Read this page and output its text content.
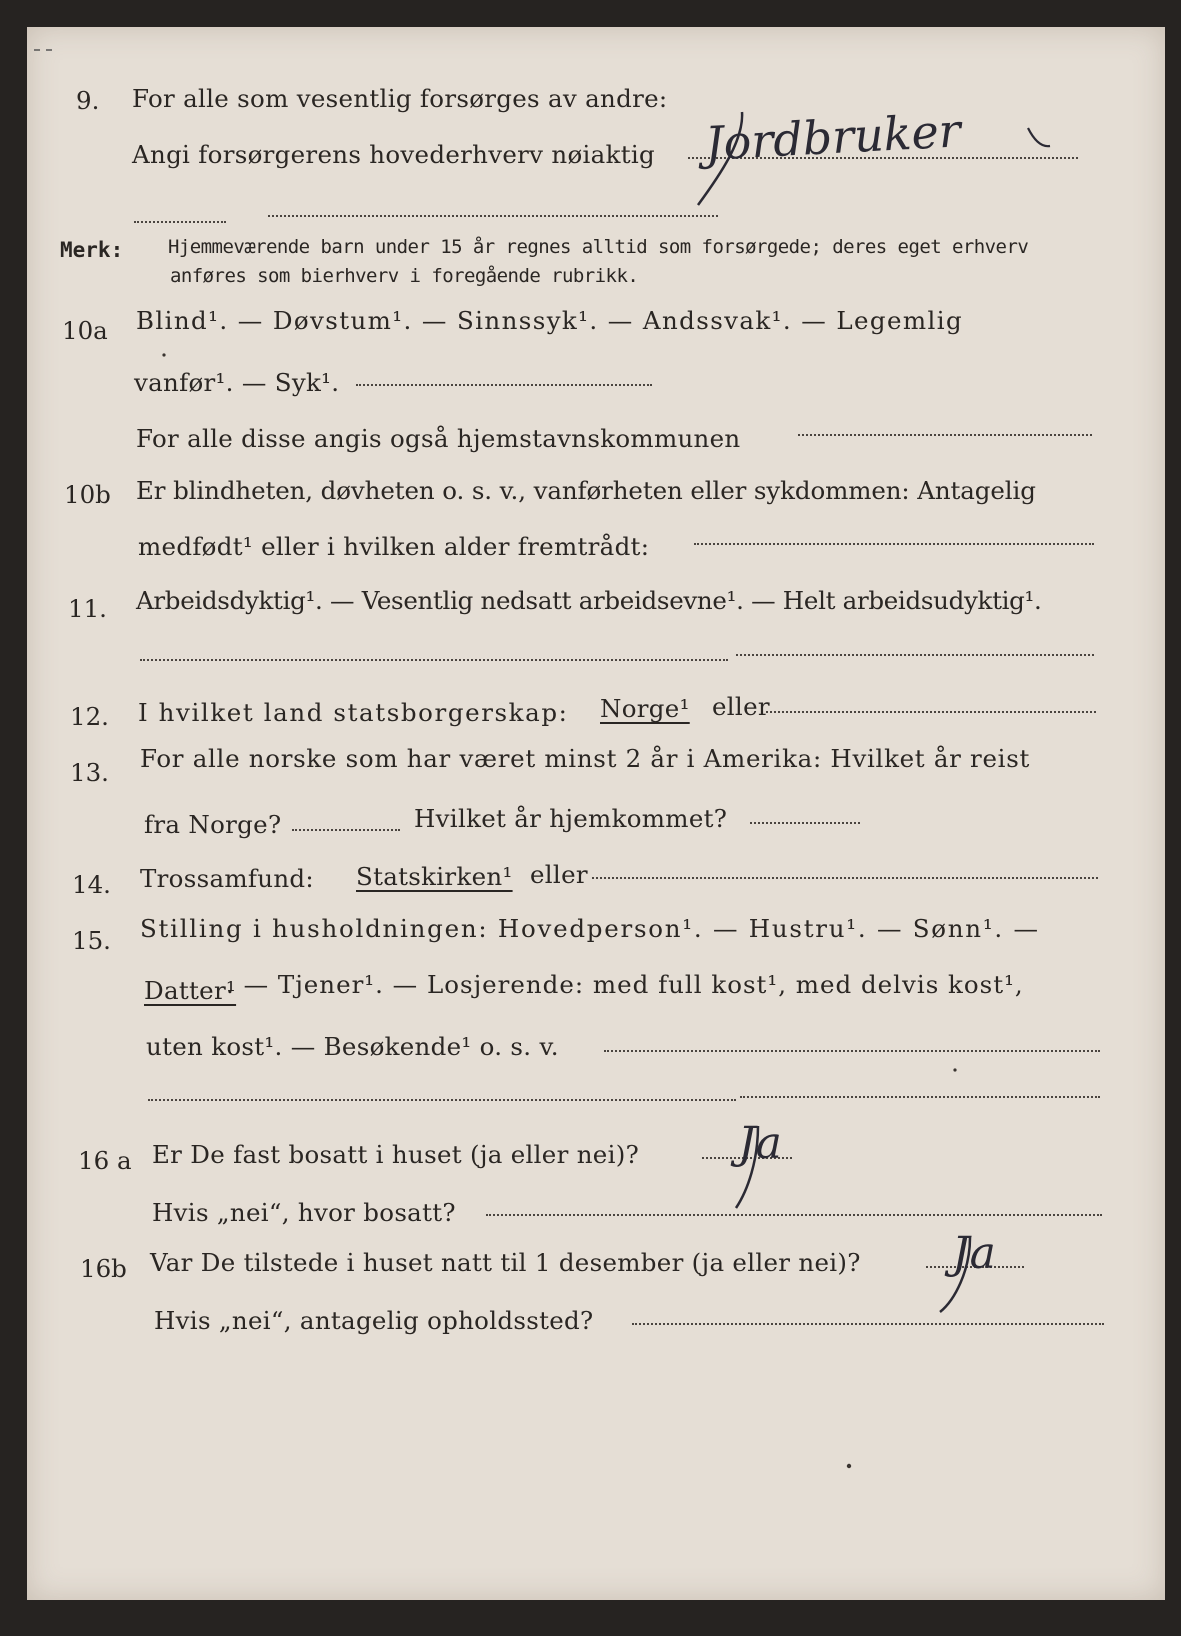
9. For alle som vesentlig forsørges av andre:
Angi forsørgerens hovederhverv nøiaktig Jordbruker
Merk: Hjemmeværende barn under 15 år regnes alltid som forsørgede; deres eget erhverv
anføres som bierhverv i foregående rubrikk.
10a Blind¹. — Døvstum¹. — Sinnssyk¹. — Andssvak¹. — Legemlig
vanfør¹. — Syk¹.
For alle disse angis også hjemstavnskommunen
10b Er blindheten, døvheten o. s. v., vanførheten eller sykdommen: Antagelig
medfødt¹ eller i hvilken alder fremtrådt:
11. Arbeidsdyktig¹. — Vesentlig nedsatt arbeidsevne¹. — Helt arbeidsudyktig¹.
12. I hvilket land statsborgerskap: Norge¹ eller
13. For alle norske som har været minst 2 år i Amerika: Hvilket år reist
fra Norge?	Hvilket år hjemkommet?
14. Trossamfund: Statskirken¹ eller
15. Stilling i husholdningen: Hovedperson¹. — Hustru¹. — Sønn¹. —
Datter¹
. — Tjener¹. — Losjerende: med full kost¹, med delvis kost¹,
uten kost¹. — Besøkende¹ o. s. v.
16 a Er De fast bosatt i huset (ja eller nei)? Ja
Hvis „nei“, hvor bosatt?
16b Var De tilstede i huset natt til 1 desember (ja eller nei)? Ja
Hvis „nei“, antagelig opholdssted?
